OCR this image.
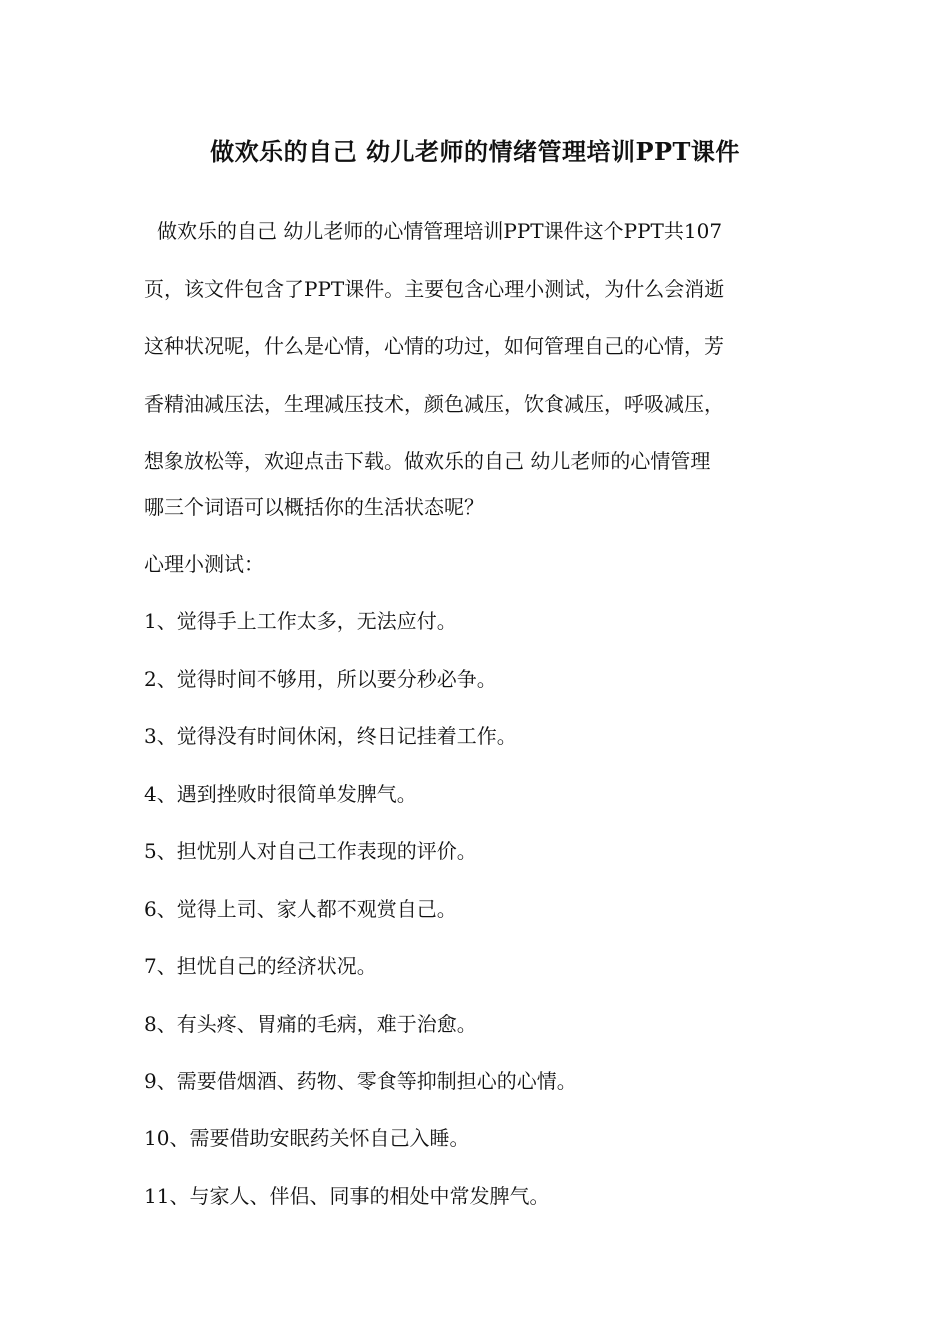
做欢乐的自己 幼儿老师的情绪管理培训PPT课件

做欢乐的自己 幼儿老师的心情管理培训PPT课件这个PPT共107
页，该文件包含了PPT课件。主要包含心理小测试，为什么会消逝
这种状况呢，什么是心情，心情的功过，如何管理自己的心情，芳
香精油减压法，生理减压技术，颜色减压，饮食减压，呼吸减压，
想象放松等，欢迎点击下载。做欢乐的自己 幼儿老师的心情管理

哪三个词语可以概括你的生活状态呢？

心理小测试：

1、觉得手上工作太多，无法应付。

2、觉得时间不够用，所以要分秒必争。

3、觉得没有时间休闲，终日记挂着工作。

4、遇到挫败时很简单发脾气。

5、担忧别人对自己工作表现的评价。

6、觉得上司、家人都不观赏自己。

7、担忧自己的经济状况。

8、有头疼、胃痛的毛病，难于治愈。

9、需要借烟酒、药物、零食等抑制担心的心情。

10、需要借助安眠药关怀自己入睡。

11、与家人、伴侣、同事的相处中常发脾气。
